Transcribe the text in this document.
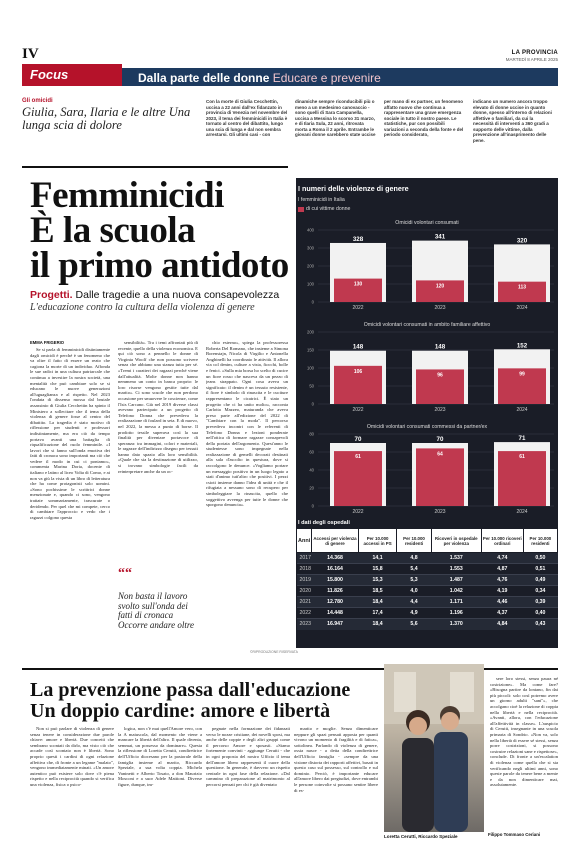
IV	LA PROVINCIA
MARTEDÌ 8 APRILE 2025
Focus	Dalla parte delle donne Educare e prevenire
Gli omicidi
Giulia, Sara, Ilaria e le altre Una lunga scia di dolore
Con la morte di Giulia Cecchettin, uccisa a 22 anni dall'ex fidanzato in provincia di Venezia nel novembre del 2023, il tema dei femminicidi in Italia è tornato al centro del dibattito, lungo una scia di lunga e dal non sembra arrestarsi. Gli ultimi casi - con
dinamiche sempre riconducibili più o meno a un medesimo canovaccio - sono quelli di Sara Campanella, uccisa a Messina lo scorso 31 marzo, e di Ilaria Sula, 22 anni, ritrovata morta a Roma il 2 aprile. Entrambe le giovani donne sarebbero state uccise
per mano di ex partner, un fenomeno affatto nuovo che continua a rappresentare una grave emergenza sociale in tutto il nostro paese. Le statistiche, pur con possibili variazioni a seconda della fonte e del periodo considerato,
indicano un numero ancora troppo elevato di donne uccise in quanto donne, spesso all'interno di relazioni affettive o familiari, da cui la necessità di interventi a 360 gradi a supporto delle vittime, dalla prevenzione all'inasprimento delle pene.
Femminicidi
È la scuola
il primo antidoto
Progetti. Dalle tragedie a una nuova consapevolezza
L'educazione contro la cultura della violenza di genere
EMMA FRIGERIO

Se si parla di femminicidi distintamente dagli omicidi è perché è un fenomeno che va oltre il fatto di essere un reato che cagiona la morte di un individuo. Affonda le sue radici in una cultura patriarcale che continua a investire la nostra società, una mentalità che può cambiare solo se si educano le nuove generazioni all'uguaglianza e al rispetto. Nel 2023 l'ondata di dissenso mossa dal brutale assassinio di Giulia Cecchettin ha spinto il Ministero a sollecitare che il tema della violenza di genere fosse al centro del dibattito. La tragedia è stato motivo di riflessione per studenti e professori indistintamente, ma era ciò da tempo portava avanti una battaglia di riqualificazione del ruolo femminile. «I lavori che si fanno sull'onda emotiva dei fatti di cronaca sono importanti ma ciò che vedere il modo in cui ci poniamo», commenta Marina Doria, docente di italiano e latino al liceo Volta di Como, e ai non va giù la vista di un libro di letteratura che ha come protagonisti solo uomini. «Sono pochissime le scrittrici donne menzionate e, quando ci sono, vengono trattate sommariamente, trascurate o deridendo. Per quel che mi compete, cerco di cambiare l'approccio e vedo che i ragazzi colgono questa

sensibilità». Tra i temi affrontati più di recente, quello della violenza economica. E qui ciò sono a pennello le donne di Virginia Woolf che non possono scrivere senza che abbiano una stanza tutta per sé. «Tremi i caratteri dei ragazzi perché viene dall'attualità. Molte donne non hanno nemmeno un conto in banca proprio: le loro risorse vengono gestite tutte dal marito». Ci sono scuole che non perdono occasione per smuovere le coscienze, come l'Isis Carcano. Già nel 2019 diverse classi avevano partecipato a un progetto di Telefono Donna che prevedeva la realizzazione di foulard in seta. E di nuovo, nel 2022, la messa a punto di borse. Il prodotto tessile superava così la sua finalità per diventare portavoce di speranza: tra immagini, colori e materiali, le ragazze dell'indirizzo disegno per tessuti hanno dato spazio alla loro sensibilità. «Quale che sia la destinazione di utilizzo, si trovano simbologie facili da reinterpretare anche da un oc-

chio esterno», spiega la professoressa Roberta Del Romano, che insieme a Simona Borenstajn, Nicola di Virgilio e Antonella Anghinelli ha coordinato le attività. Il allora via col denim, culture a vista, fiocchi, bolle e fenici. «Sulla mia borsa ho scelto di cucire un fiore rosso che nasceva da un pezzo di jeans strappato. Ogni cosa aveva un significato: il denim è un tessuto resistente, il fiore è simbolo di rinascita e le cuciture rappresentano le cicatrici. È stato un progetto che ci ha unito molto», racconta Carlotta Mazzeo, maturanda che aveva preso parte all'edizione del 2022 di "Cambiare con la moda". Il percorso prevedeva incontri con le referenti di Telefono Donna e lezioni ponderate nell'ottica di formare ragazze consapevoli della portata dell'argomento. Quest'anno le studentesse sono impegnate nella realizzazione di gemelli decorati destinati alla sala d'ascolto in questura, dove si raccolgono le denunce. «Vogliamo portare un messaggio positivo in un luogo legato a stati d'animo tutt'altro che positivi. I pezzi csioti insieme danno l'idea di unità e che il rifugiata a nessuno sono di recupero per simboleggiare la rinascita, quello che soggettivo avvenga per tutte le donne che sporgono denuncia».

““
Non basta il lavoro svolto sull'onda dei fatti di cronaca Occorre andare oltre
©RIPRODUZIONE RISERVATA
I numeri delle violenze di genere
I femminicidi in Italia
di cui vittime donne
Omicidi volontari consumati
0
100
200
300
400
328
130
2022
341
120
2023
320
113
2024
Omicidi volontari consumati in ambito familiare affettivo
0
50
100
150
200
148
106
2022
148
96
2023
152
99
2024
Omicidi volontari consumati commessi da partner/ex
0
20
40
60
80
70
61
2022
70
64
2023
71
61
2024
I dati degli ospedali
Anni	Accessi per violenza di genere	Per 10.000 accessi in PS	Per 10.000 residenti	Ricoveri in ospedale per violenza	Per 10.000 ricoveri ordinari	Per 10.000 residenti
2017	14.368	14,1	4,8	1.537	4,74	0,50
2018	16.164	15,8	5,4	1.553	4,87	0,51
2019	15.800	15,3	5,3	1.487	4,76	0,49
2020	11.826	18,5	4,0	1.042	4,19	0,34
2021	12.780	18,4	4,4	1.171	4,46	0,39
2022	14.448	17,4	4,9	1.196	4,37	0,40
2023	16.947	18,4	5,6	1.370	4,84	0,43
La prevenzione passa dall'educazione
Un doppio cardine: amore e libertà

Non si può parlare di violenza di genere senza tenere in considerazione due parole chiave: amore e libertà. Due concetti che sembrano scontati da dirlo, ma visto ciò che accade così scontato non è libertà. Sono proprio questi i cardini di ogni relazione affettiva che, di fronte a un legame "malato", vengono immediatamente minati. «Un amore autentico può esistere solo dove c'è piena rispetto e nella reciprocità quando si verifica una violenza, fisica o psico-

logica, non c'è mai quell'Amore vero, con la A maiuscola, dal momento che viene a mancare la libertà dell'altro. Il quale diventa, semmai, un possesso da dominare». Questa la riflessione di Loretta Cerutti, condirettrice dell'Ufficio diocesano per la pastorale della famiglia insieme al marito, Riccardo Speziale, a sua volta coppia. Michela Vaninetti e Alberto Tosato, a don Maurizio Mosconi e a suor Adele Mattioni. Diverse figure, dunque, im-

pegnate nella formazione dei fidanzati verso le nozze cristiane, dei novelli sposi, ma anche delle coppie e degli altri gruppi come il percorso Amore e sposasti. «Siamo fortemente convinti - aggiunge Cerutti - che in ogni proposta del nostro Ufficio il tema dell'amore libero rappresenti il cuore della questione. In generale, è davvero un rispetto centrale in ogni fase della relazione. «Dal cammino di preparazione al matrimonio al percorsi pensati per chi è già diventato

marito e moglie. Senza dimenticare neppure gli spazi pensati apposta per quanti vivono un momento di fragilità e di fatica», sottolinea. Parlando di violenza di genere, ossia nasce - a detta della condirettrice dell'Ufficio famiglia - «sempre da una visione distorta dei rapporti affettivi, basati in questo caso sul possesso, sul controllo e sul dominio. Perciò, è importante educare all'amore libero dai pregiudizi, dove entrambi le persone coinvolte si possano sentire libere di es-

Loretta Cerutti, Riccardo Speziale

sere loro stessi, senza paura né costrizione». Ma come fare? «Bisogna partire da lontano, fin dai più piccoli: solo così potremo avere un giorno adulti "sani"», che accolgano cioè la relazione di coppia nella libertà e nella reciprocità. «Avanti, allora, con l'educazione all'affettività in classe». L'auspicio di Cerutti, insegnante in una scuola primaria di Sondrio. «Non va, solo nella libertà di essere sé stessi, senza porre costrizioni, si possono costruire relazioni sane e rispettose», conclude. Di fronte a un'escalation di violenza come quella che si sta verificando negli ultimi anni, sono queste parole da tenere bene a mente e da non dimenticare mai, assolutamente.

Filippo Tommaso Ceriani
